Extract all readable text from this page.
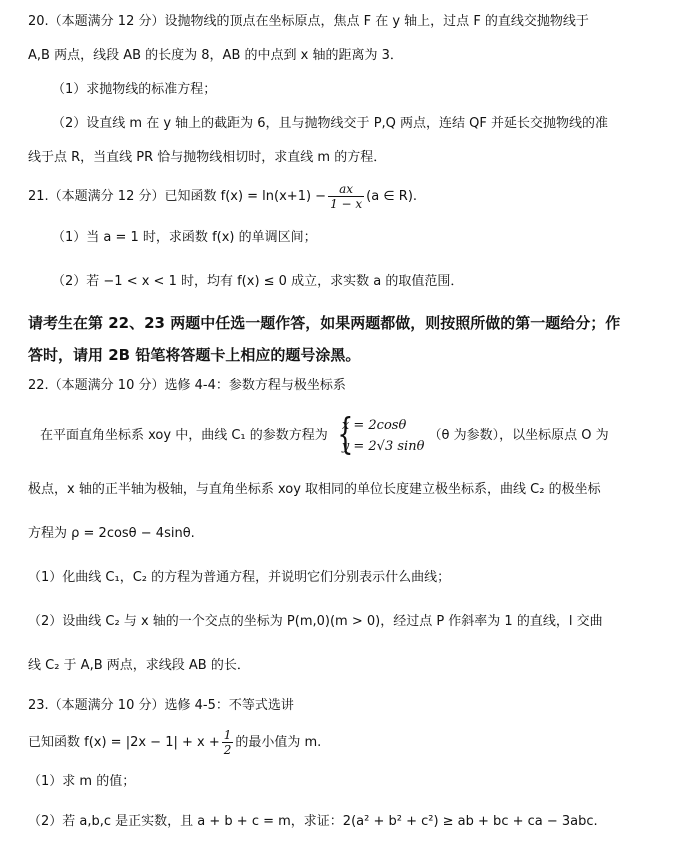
20.（本题满分 12 分）设抛物线的顶点在坐标原点，焦点 F 在 y 轴上，过点 F 的直线交抛物线于
A,B 两点，线段 AB 的长度为 8，AB 的中点到 x 轴的距离为 3．
（1）求抛物线的标准方程；
（2）设直线 m 在 y 轴上的截距为 6，且与抛物线交于 P,Q 两点，连结 QF 并延长交抛物线的准
线于点 R，当直线 PR 恰与抛物线相切时，求直线 m 的方程．
21.（本题满分 12 分）已知函数 $f(x) = \ln(x+1) - \frac{ax}{1 - x} (a$ ∈ R).
（1）当 a = 1 时，求函数 f(x) 的单调区间；
（2）若 −1 < x < 1 时，均有 f(x) ≤ 0 成立，求实数 a 的取值范围．
请考生在第 22、23 两题中任选一题作答，如果两题都做，则按照所做的第一题给分；作
答时，请用 2B 铅笔将答题卡上相应的题号涂黑。
22.（本题满分 10 分）选修 4-4：参数方程与极坐标系
在平面直角坐标系 xoy 中，曲线 C₁ 的参数方程为 {
x = 2cosθ
y = 2√3 sinθ
（θ 为参数），以坐标原点 O 为
极点，x 轴的正半轴为极轴，与直角坐标系 xoy 取相同的单位长度建立极坐标系，曲线 C₂ 的极坐标
方程为 ρ = 2cosθ − 4sinθ.
（1）化曲线 C₁，C₂ 的方程为普通方程，并说明它们分别表示什么曲线；
（2）设曲线 C₂ 与 x 轴的一个交点的坐标为 P(m,0)(m > 0)，经过点 P 作斜率为 1 的直线，l 交曲
线 C₂ 于 A,B 两点，求线段 AB 的长．
23.（本题满分 10 分）选修 4-5：不等式选讲
已知函数 $f(x) = |2x - 1| + x + \frac{1}{2}$ 的最小值为 m.
（1）求 m 的值；
（2）若 a,b,c 是正实数，且 a + b + c = m，求证：2(a² + b² + c²) ≥ ab + bc + ca − 3abc.
